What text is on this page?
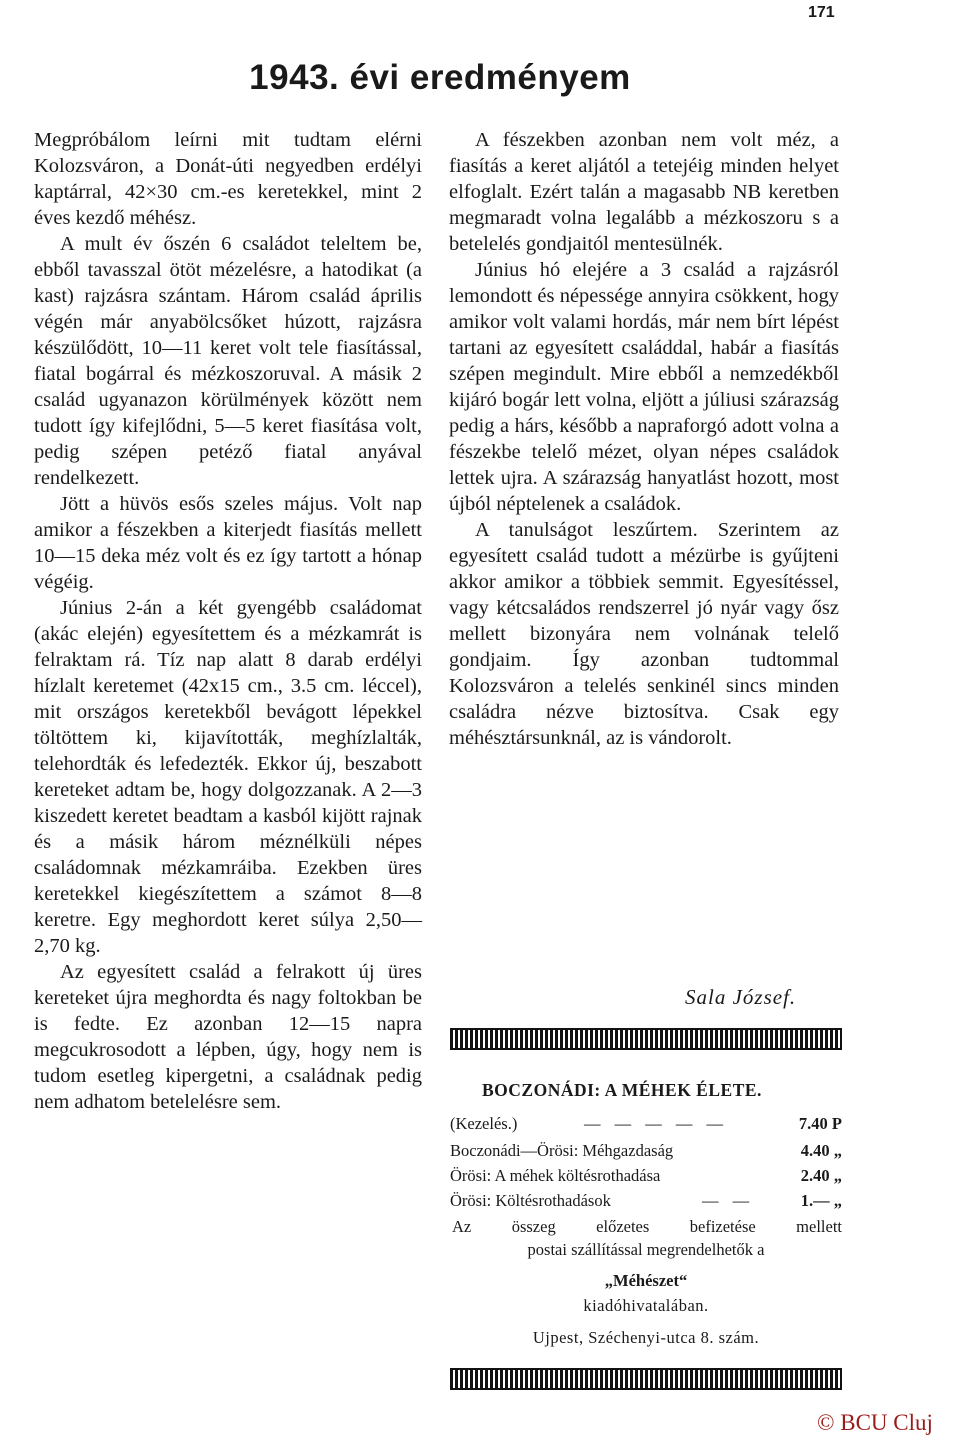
171
1943. évi eredményem

Megpróbálom leírni mit tudtam elérni Kolozsváron, a Donát-úti negyedben erdélyi kaptárral, 42×30 cm.-es keretekkel, mint 2 éves kezdő méhész.

A mult év őszén 6 családot teleltem be, ebből tavasszal ötöt mézelésre, a hatodikat (a kast) rajzásra szántam. Három család április végén már anyabölcsőket húzott, rajzásra készülődött, 10—11 keret volt tele fiasítással, fiatal bogárral és mézkoszoruval. A másik 2 család ugyanazon körülmények között nem tudott így kifejlődni, 5—5 keret fiasítása volt, pedig szépen petéző fiatal anyával rendelkezett.

Jött a hüvös esős szeles május. Volt nap amikor a fészekben a kiterjedt fiasítás mellett 10—15 deka méz volt és ez így tartott a hónap végéig.

Június 2-án a két gyengébb családomat (akác elején) egyesítettem és a mézkamrát is felraktam rá. Tíz nap alatt 8 darab erdélyi hízlalt keretemet (42x15 cm., 3.5 cm. léccel), mit országos keretekből bevágott lépekkel töltöttem ki, kijavították, meghízlalták, telehordták és lefedezték. Ekkor új, beszabott kereteket adtam be, hogy dolgozzanak. A 2—3 kiszedett keretet beadtam a kasból kijött rajnak és a másik három méznélküli népes családomnak mézkamráiba. Ezekben üres keretekkel kiegészítettem a számot 8—8 keretre. Egy meghordott keret súlya 2,50—2,70 kg.

Az egyesített család a felrakott új üres kereteket újra meghordta és nagy foltokban be is fedte. Ez azonban 12—15 napra megcukrosodott a lépben, úgy, hogy nem is tudom esetleg kipergetni, a családnak pedig nem adhatom betelelésre sem.

A fészekben azonban nem volt méz, a fiasítás a keret aljától a tetejéig minden helyet elfoglalt. Ezért talán a magasabb NB keretben megmaradt volna legalább a mézkoszoru s a betelelés gondjaitól mentesülnék.

Június hó elejére a 3 család a rajzásról lemondott és népessége annyira csökkent, hogy amikor volt valami hordás, már nem bírt lépést tartani az egyesített családdal, habár a fiasítás szépen megindult. Mire ebből a nemzedékből kijáró bogár lett volna, eljött a júliusi szárazság pedig a hárs, később a napraforgó adott volna a fészekbe telelő mézet, olyan népes családok lettek ujra. A szárazság hanyatlást hozott, most újból néptelenek a családok.

A tanulságot leszűrtem. Szerintem az egyesített család tudott a mézürbe is gyűjteni akkor amikor a többiek semmit. Egyesítéssel, vagy kétcsaládos rendszerrel jó nyár vagy ősz mellett bizonyára nem volnának telelő gondjaim. Így azonban tudtommal Kolozsváron a telelés senkinél sincs minden családra nézve biztosítva. Csak egy méhésztársunknál, az is vándorolt.

Sala József.
BOCZONÁDI: A MÉHEK ÉLETE.
(Kezelés.)	— — — — —	7.40 P
Boczonádi—Örösi: Méhgazdaság	4.40 „
Örösi: A méhek költésrothadása	2.40 „
Örösi: Költésrothadások	— —	1.— „
Az összeg előzetes befizetése mellett
postai szállítással megrendelhetők a
„Méhészet“
kiadóhivatalában.
Ujpest, Széchenyi-utca 8. szám.
© BCU Cluj
